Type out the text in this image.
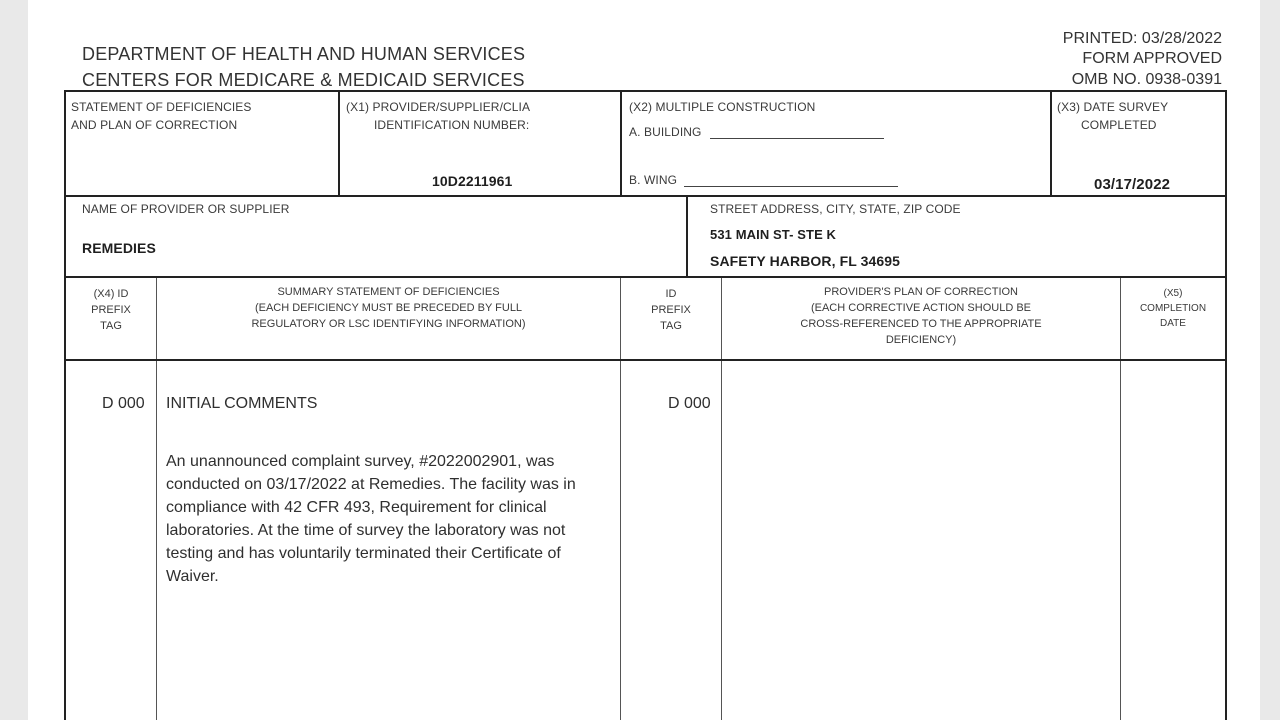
DEPARTMENT OF HEALTH AND HUMAN SERVICES
CENTERS FOR MEDICARE & MEDICAID SERVICES
PRINTED: 03/28/2022
FORM APPROVED
OMB NO. 0938-0391
STATEMENT OF DEFICIENCIES
AND PLAN OF CORRECTION
(X1) PROVIDER/SUPPLIER/CLIA
IDENTIFICATION NUMBER:
10D2211961
(X2) MULTIPLE CONSTRUCTION
A. BUILDING
B. WING
(X3) DATE SURVEY
COMPLETED
03/17/2022
NAME OF PROVIDER OR SUPPLIER
REMEDIES
STREET ADDRESS, CITY, STATE, ZIP CODE
531 MAIN ST- STE K
SAFETY HARBOR, FL 34695
(X4) ID
PREFIX
TAG
SUMMARY STATEMENT OF DEFICIENCIES
(EACH DEFICIENCY MUST BE PRECEDED BY FULL
REGULATORY OR LSC IDENTIFYING INFORMATION)
ID
PREFIX
TAG
PROVIDER'S PLAN OF CORRECTION
(EACH CORRECTIVE ACTION SHOULD BE
CROSS-REFERENCED TO THE APPROPRIATE
DEFICIENCY)
(X5)
COMPLETION
DATE
D 000 INITIAL COMMENTS	D 000
An unannounced complaint survey, #2022002901, was conducted on 03/17/2022 at Remedies. The facility was in compliance with 42 CFR 493, Requirement for clinical laboratories. At the time of survey the laboratory was not testing and has voluntarily terminated their Certificate of Waiver.
